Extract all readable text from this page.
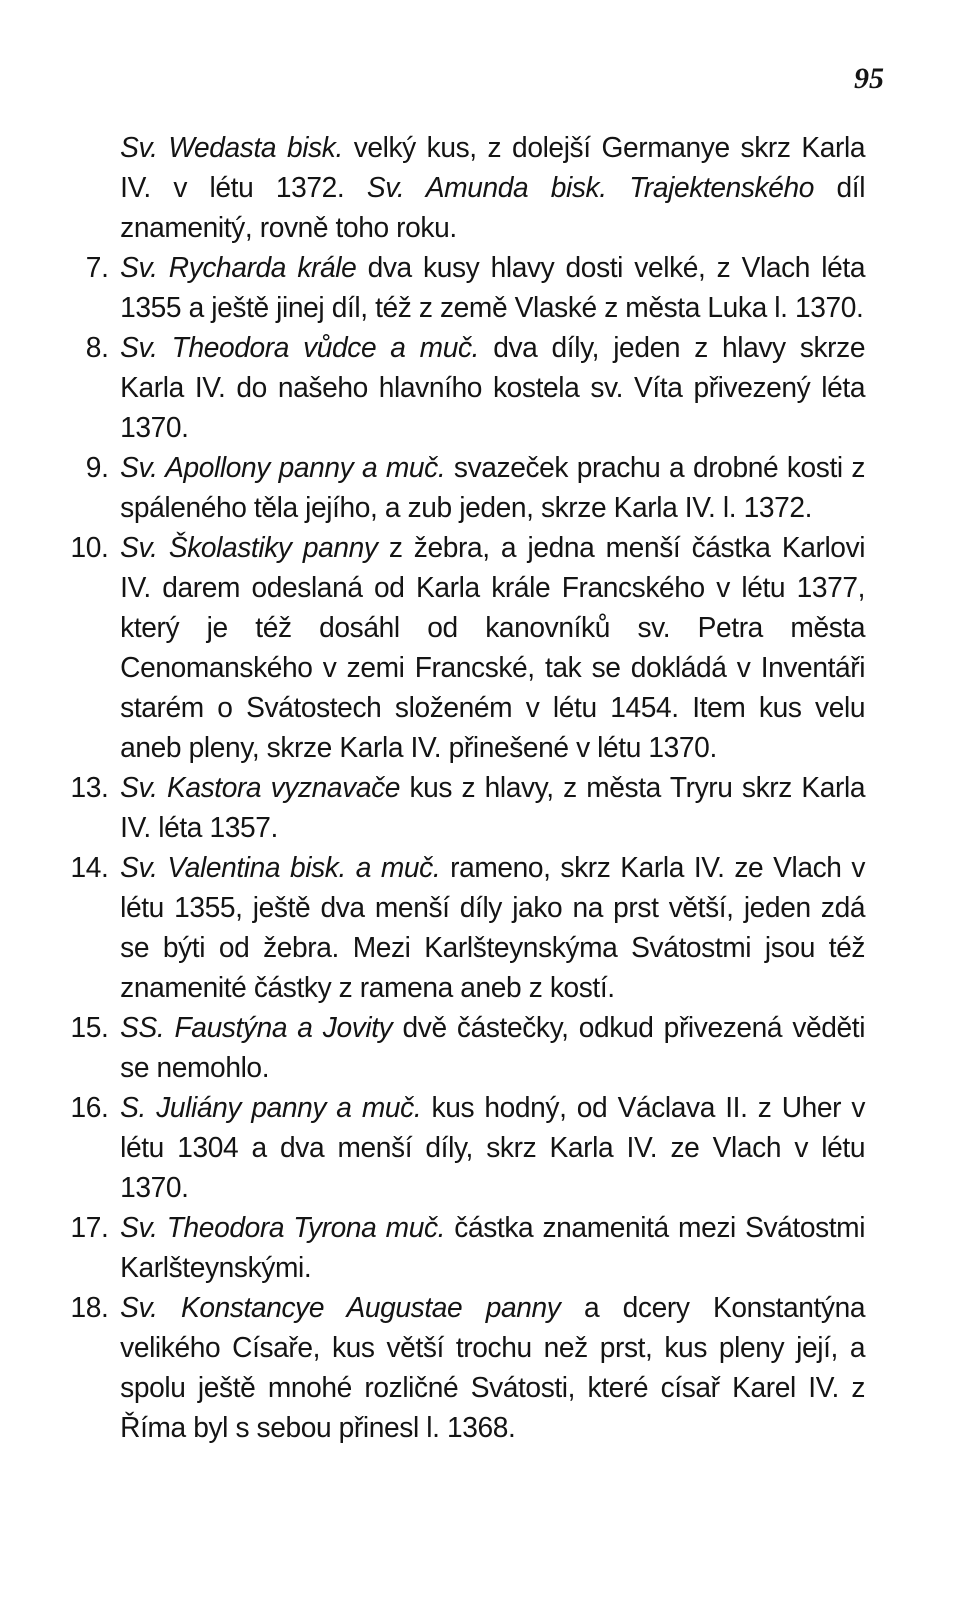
95
Sv. Wedasta bisk. velký kus, z dolejší Germanye skrz Karla IV. v létu 1372. Sv. Amunda bisk. Trajektenského díl znamenitý, rovně toho roku.
7. Sv. Rycharda krále dva kusy hlavy dosti velké, z Vlach léta 1355 a ještě jinej díl, též z země Vlaské z města Luka l. 1370.
8. Sv. Theodora vůdce a muč. dva díly, jeden z hlavy skrze Karla IV. do našeho hlavního kostela sv. Víta přivezený léta 1370.
9. Sv. Apollony panny a muč. svazeček prachu a drobné kosti z spáleného těla jejího, a zub jeden, skrze Karla IV. l. 1372.
10. Sv. Školastiky panny z žebra, a jedna menší částka Karlovi IV. darem odeslaná od Karla krále Francského v létu 1377, který je též dosáhl od kanovníků sv. Petra města Cenomanského v zemi Francské, tak se dokládá v Inventáři starém o Svátostech složeném v létu 1454. Item kus velu aneb pleny, skrze Karla IV. přinešené v létu 1370.
13. Sv. Kastora vyznavače kus z hlavy, z města Tryru skrz Karla IV. léta 1357.
14. Sv. Valentina bisk. a muč. rameno, skrz Karla IV. ze Vlach v létu 1355, ještě dva menší díly jako na prst větší, jeden zdá se býti od žebra. Mezi Karlšteynskýma Svátostmi jsou též znamenité částky z ramena aneb z kostí.
15. SS. Faustýna a Jovity dvě částečky, odkud přivezená věděti se nemohlo.
16. S. Juliány panny a muč. kus hodný, od Václava II. z Uher v létu 1304 a dva menší díly, skrz Karla IV. ze Vlach v létu 1370.
17. Sv. Theodora Tyrona muč. částka znamenitá mezi Svátostmi Karlšteynskými.
18. Sv. Konstancye Augustae panny a dcery Konstantýna velikého Císaře, kus větší trochu než prst, kus pleny její, a spolu ještě mnohé rozličné Svátosti, které císař Karel IV. z Říma byl s sebou přinesl l. 1368.
